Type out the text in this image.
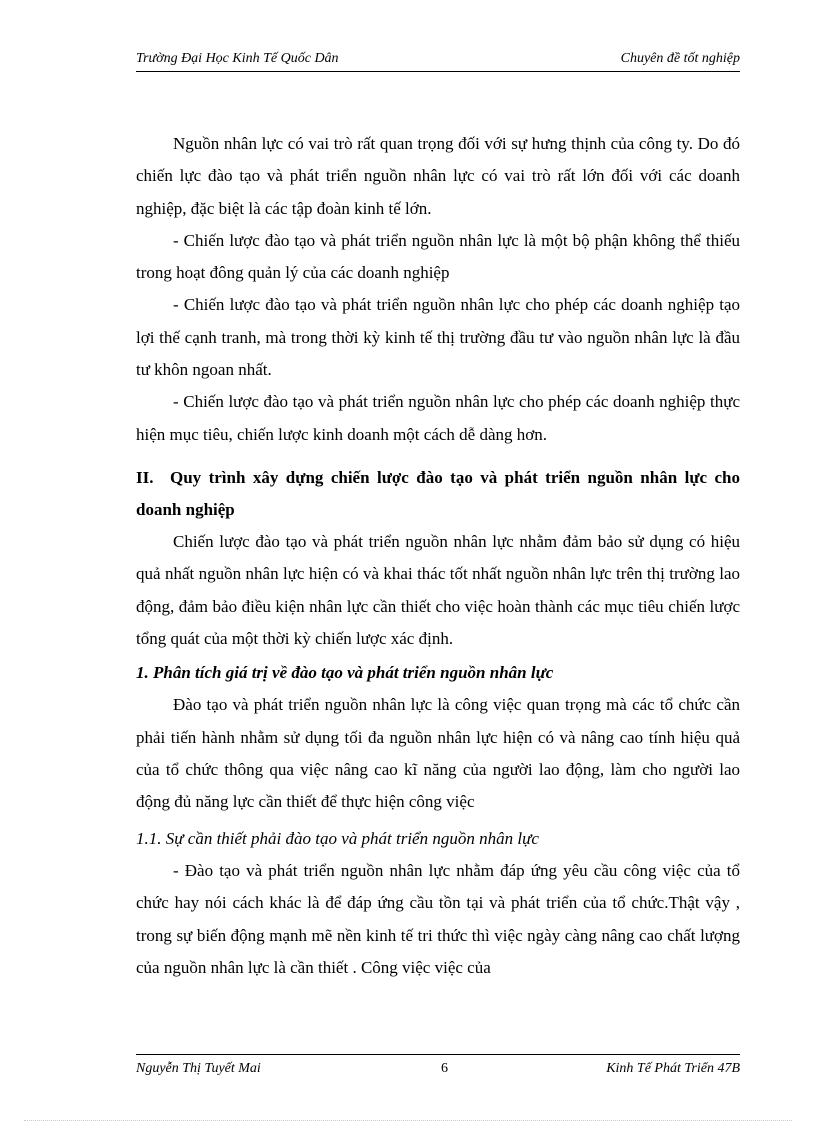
Trường Đại Học Kinh Tế Quốc Dân	Chuyên đề tốt nghiệp

Nguồn nhân lực có vai trò rất quan trọng đối với sự hưng thịnh của công ty. Do đó chiến lực đào tạo và phát triển nguồn nhân lực có vai trò rất lớn đối với các doanh nghiệp, đặc biệt là các tập đoàn kinh tế lớn.

- Chiến lược đào tạo và phát triển nguồn nhân lực là một bộ phận không thể thiếu trong hoạt đông quản lý của các doanh nghiệp

- Chiến lược đào tạo và phát triển nguồn nhân lực cho phép các doanh nghiệp tạo lợi thế cạnh tranh, mà trong thời kỳ kinh tế thị trường đầu tư vào nguồn nhân lực là đầu tư khôn ngoan nhất.

- Chiến lược đào tạo và phát triển nguồn nhân lực cho phép các doanh nghiệp thực hiện mục tiêu, chiến lược kinh doanh một cách dễ dàng hơn.

II. Quy trình xây dựng chiến lược đào tạo và phát triển nguồn nhân lực cho doanh nghiệp

Chiến lược đào tạo và phát triển nguồn nhân lực nhằm đảm bảo sử dụng có hiệu quả nhất nguồn nhân lực hiện có và khai thác tốt nhất nguồn nhân lực trên thị trường lao động, đảm bảo điều kiện nhân lực cần thiết cho việc hoàn thành các mục tiêu chiến lược tổng quát của một thời kỳ chiến lược xác định.

1. Phân tích giá trị về đào tạo và phát triển nguồn nhân lực

Đào tạo và phát triển nguồn nhân lực là công việc quan trọng mà các tổ chức cần phải tiến hành nhằm sử dụng tối đa nguồn nhân lực hiện có và nâng cao tính hiệu quả của tổ chức thông qua việc nâng cao kĩ năng của người lao động, làm cho người lao động đủ năng lực cần thiết để thực hiện công việc

1.1. Sự cần thiết phải đào tạo và phát triển nguồn nhân lực

- Đào tạo và phát triển nguồn nhân lực nhằm đáp ứng yêu cầu công việc của tổ chức hay nói cách khác là để đáp ứng cầu tồn tại và phát triển của tổ chức.Thật vậy , trong sự biến động mạnh mẽ nền kinh tế tri thức thì việc ngày càng nâng cao chất lượng của nguồn nhân lực là cần thiết . Công việc việc của

Nguyễn Thị Tuyết Mai	6	Kinh Tế Phát Triển 47B
